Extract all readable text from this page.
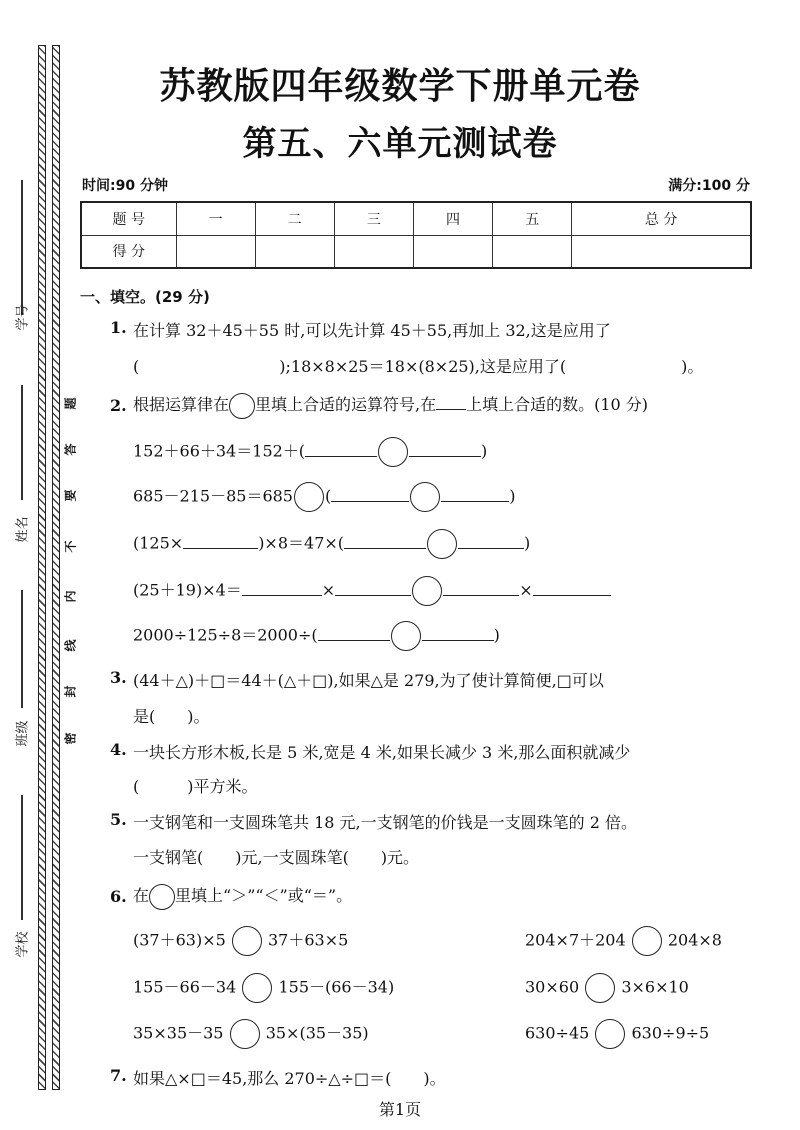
学号
姓名
班级
学校
题
答
要
不
内
线
封
密
苏教版四年级数学下册单元卷
第五、六单元测试卷
时间:90 分钟	满分:100 分
题 号	一	二	三	四	五	总 分
得 分						
一、填空。(29 分)
1. 在计算 32＋45＋55 时,可以先计算 45＋55,再加上 32,这是应用了
(	);18×8×25＝18×(8×25),这是应用了(	)。
2. 根据运算律在 里填上合适的运算符号,在 上填上合适的数。(10 分)
152＋66＋34＝152＋(	)
685－215－85＝685 (	)
(125×	)×8＝47×(	)
(25＋19)×4＝	×	×
2000÷125÷8＝2000÷(	)
3. (44＋△)＋□＝44＋(△＋□),如果△是 279,为了使计算简便,□可以
是(　　)。
4. 一块长方形木板,长是 5 米,宽是 4 米,如果长减少 3 米,那么面积就减少
(　　　)平方米。
5. 一支钢笔和一支圆珠笔共 18 元,一支钢笔的价钱是一支圆珠笔的 2 倍。
一支钢笔(　　)元,一支圆珠笔(　　)元。
6. 在 里填上“＞”“＜”或“＝”。
(37＋63)×5	37＋63×5	204×7＋204	204×8
155－66－34	155－(66－34)	30×60	3×6×10
35×35－35	35×(35－35)	630÷45	630÷9÷5
7. 如果△×□＝45,那么 270÷△÷□＝(　　)。
第1页
